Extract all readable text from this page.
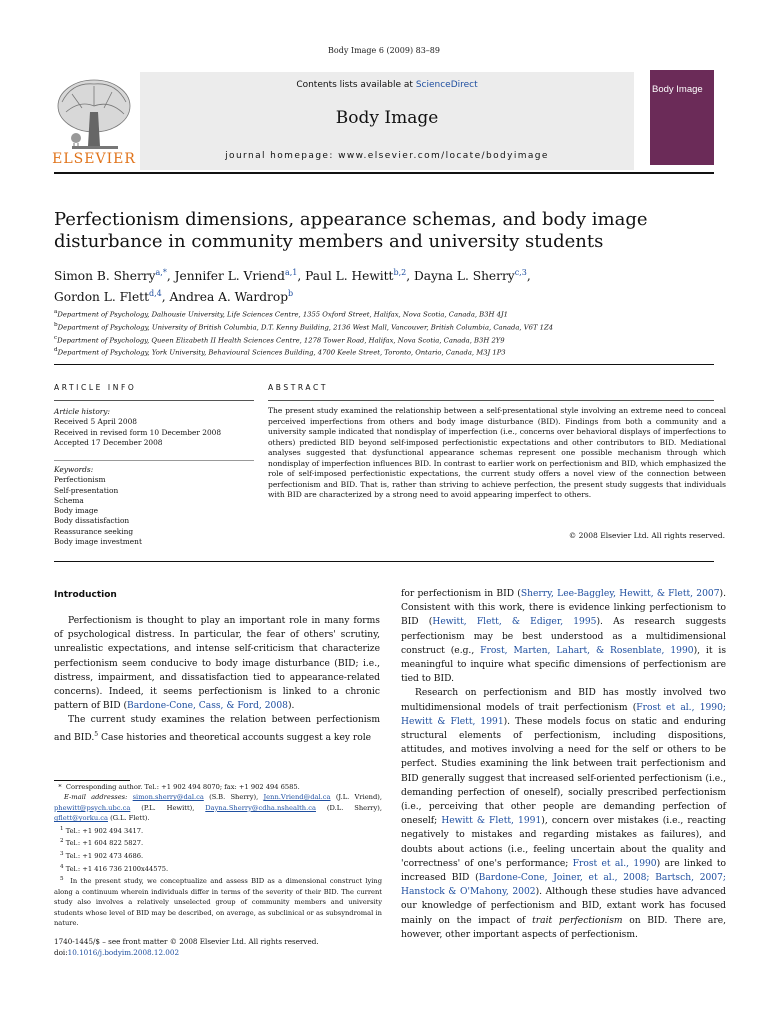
Body Image 6 (2009) 83–89
Contents lists available at ScienceDirect
Body Image
journal homepage: www.elsevier.com/locate/bodyimage
ELSEVIER
Body Image
Perfectionism dimensions, appearance schemas, and body image disturbance in community members and university students
Simon B. Sherry$^{a,*}$, Jennifer L. Vriend$^{a,1}$, Paul L. Hewitt$^{b,2}$, Dayna L. Sherry$^{c,3}$,
Gordon L. Flett$^{d,4}$, Andrea A. Wardrop$^b$
$^a$Department of Psychology, Dalhousie University, Life Sciences Centre, 1355 Oxford Street, Halifax, Nova Scotia, Canada, B3H 4J1
$^b$Department of Psychology, University of British Columbia, D.T. Kenny Building, 2136 West Mall, Vancouver, British Columbia, Canada, V6T 1Z4
$^c$Department of Psychology, Queen Elizabeth II Health Sciences Centre, 1278 Tower Road, Halifax, Nova Scotia, Canada, B3H 2Y9
$^d$Department of Psychology, York University, Behavioural Sciences Building, 4700 Keele Street, Toronto, Ontario, Canada, M3J 1P3
ARTICLE INFO
Article history:
Received 5 April 2008
Received in revised form 10 December 2008
Accepted 17 December 2008
Keywords:
Perfectionism
Self-presentation
Schema
Body image
Body dissatisfaction
Reassurance seeking
Body image investment
ABSTRACT
The present study examined the relationship between a self-presentational style involving an extreme need to conceal perceived imperfections from others and body image disturbance (BID). Findings from both a community and a university sample indicated that nondisplay of imperfection (i.e., concerns over behavioral displays of imperfections to others) predicted BID beyond self-imposed perfectionistic expectations and other contributors to BID. Mediational analyses suggested that dysfunctional appearance schemas represent one possible mechanism through which nondisplay of imperfection influences BID. In contrast to earlier work on perfectionism and BID, which emphasized the role of self-imposed perfectionistic expectations, the current study offers a novel view of the connection between perfectionism and BID. That is, rather than striving to achieve perfection, the present study suggests that individuals with BID are characterized by a strong need to avoid appearing imperfect to others.
© 2008 Elsevier Ltd. All rights reserved.
Introduction

Perfectionism is thought to play an important role in many forms of psychological distress. In particular, the fear of others' scrutiny, unrealistic expectations, and intense self-criticism that characterize perfectionism seem conducive to body image disturbance (BID; i.e., distress, impairment, and dissatisfaction tied to appearance-related concerns). Indeed, it seems perfectionism is linked to a chronic pattern of BID (Bardone-Cone, Cass, & Ford, 2008).

The current study examines the relation between perfectionism and BID.$^5$ Case histories and theoretical accounts suggest a key role

for perfectionism in BID (Sherry, Lee-Baggley, Hewitt, & Flett, 2007). Consistent with this work, there is evidence linking perfectionism to BID (Hewitt, Flett, & Ediger, 1995). As research suggests perfectionism may be best understood as a multidimensional construct (e.g., Frost, Marten, Lahart, & Rosenblate, 1990), it is meaningful to inquire what specific dimensions of perfectionism are tied to BID.

Research on perfectionism and BID has mostly involved two multidimensional models of trait perfectionism (Frost et al., 1990; Hewitt & Flett, 1991). These models focus on static and enduring structural elements of perfectionism, including dispositions, attitudes, and motives involving a need for the self or others to be perfect. Studies examining the link between trait perfectionism and BID generally suggest that increased self-oriented perfectionism (i.e., demanding perfection of oneself), socially prescribed perfectionism (i.e., perceiving that other people are demanding perfection of oneself; Hewitt & Flett, 1991), concern over mistakes (i.e., reacting negatively to mistakes and regarding mistakes as failures), and doubts about actions (i.e., feeling uncertain about the quality and 'correctness' of one's performance; Frost et al., 1990) are linked to increased BID (Bardone-Cone, Joiner, et al., 2008; Bartsch, 2007; Hanstock & O'Mahony, 2002). Although these studies have advanced our knowledge of perfectionism and BID, extant work has focused mainly on the impact of trait perfectionism on BID. There are, however, other important aspects of perfectionism.

*  Corresponding author. Tel.: +1 902 494 8070; fax: +1 902 494 6585.

E-mail addresses: simon.sherry@dal.ca (S.B. Sherry), Jenn.Vriend@dal.ca (J.L. Vriend), phewitt@psych.ubc.ca (P.L. Hewitt), Dayna.Sherry@cdha.nshealth.ca (D.L. Sherry), gflett@yorku.ca (G.L. Flett).

$^1$ Tel.: +1 902 494 3417.

$^2$ Tel.: +1 604 822 5827.

$^3$ Tel.: +1 902 473 4686.

$^4$ Tel.: +1 416 736 2100x44575.

$^5$ In the present study, we conceptualize and assess BID as a dimensional construct lying along a continuum wherein individuals differ in terms of the severity of their BID. The current study also involves a relatively unselected group of community members and university students whose level of BID may be described, on average, as subclinical or as subsyndromal in nature.

1740-1445/$ – see front matter © 2008 Elsevier Ltd. All rights reserved.
doi:10.1016/j.bodyim.2008.12.002
